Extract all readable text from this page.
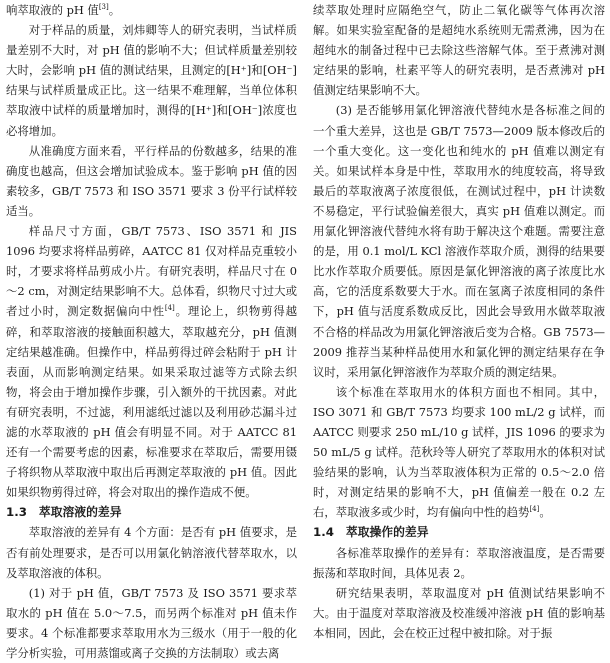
响萃取液的 pH 值[3]。

对于样品的质量，刘炜卿等人的研究表明，当试样质量差别不大时，对 pH 值的影响不大；但试样质量差别较大时，会影响 pH 值的测试结果，且测定的[H⁺]和[OH⁻]结果与试样质量成正比。这一结果不难理解，当单位体积萃取液中试样的质量增加时，测得的[H⁺]和[OH⁻]浓度也必将增加。

从准确度方面来看，平行样品的份数越多，结果的准确度也越高，但这会增加试验成本。鉴于影响 pH 值的因素较多，GB/T 7573 和 ISO 3571 要求 3 份平行试样较适当。

样品尺寸方面，GB/T 7573、ISO 3571 和 JIS 1096 均要求将样品剪碎，AATCC 81 仅对样品克重较小时，才要求将样品剪成小片。有研究表明，样品尺寸在 0～2 cm，对测定结果影响不大。总体看，织物尺寸过大或者过小时，测定数据偏向中性[4]。理论上，织物剪得越碎，和萃取溶液的接触面积越大，萃取越充分，pH 值测定结果越准确。但操作中，样品剪得过碎会粘附于 pH 计表面，从而影响测定结果。如果采取过滤等方式除去织物，将会由于增加操作步骤，引入额外的干扰因素。对此有研究表明，不过滤，利用滤纸过滤以及利用砂芯漏斗过滤的水萃取液的 pH 值会有明显不同。对于 AATCC 81 还有一个需要考虑的因素，标准要求在萃取后，需要用镊子将织物从萃取液中取出后再测定萃取液的 pH 值。因此如果织物剪得过碎，将会对取出的操作造成不便。

1.3 萃取溶液的差异

萃取溶液的差异有 4 个方面：是否有 pH 值要求，是否有前处理要求，是否可以用氯化钠溶液代替萃取水，以及萃取溶液的体积。

(1) 对于 pH 值，GB/T 7573 及 ISO 3571 要求萃取水的 pH 值在 5.0～7.5，而另两个标准对 pH 值未作要求。4 个标准都要求萃取用水为三级水（用于一般的化学分析实验，可用蒸馏或离子交换的方法制取）或去离

续萃取处理时应隔绝空气，防止二氧化碳等气体再次溶解。如果实验室配备的是超纯水系统则无需煮沸，因为在超纯水的制备过程中已去除这些溶解气体。至于煮沸对测定结果的影响，杜素平等人的研究表明，是否煮沸对 pH 值测定结果影响不大。

(3) 是否能够用氯化钾溶液代替纯水是各标准之间的一个重大差异，这也是 GB/T 7573—2009 版本修改后的一个重大变化。这一变化也和纯水的 pH 值难以测定有关。如果试样本身是中性，萃取用水的纯度较高，将导致最后的萃取液离子浓度很低，在测试过程中，pH 计读数不易稳定，平行试验偏差很大，真实 pH 值难以测定。而用氯化钾溶液代替纯水将有助于解决这个难题。需要注意的是，用 0.1 mol/L KCl 溶液作萃取介质，测得的结果要比水作萃取介质要低。原因是氯化钾溶液的离子浓度比水高，它的活度系数要大于水。而在氢离子浓度相同的条件下，pH 值与活度系数成反比，因此会导致用水做萃取液不合格的样品改为用氯化钾溶液后变为合格。GB 7573—2009 推荐当某种样品使用水和氯化钾的测定结果存在争议时，采用氯化钾溶液作为萃取介质的测定结果。

该个标准在萃取用水的体积方面也不相同。其中，ISO 3071 和 GB/T 7573 均要求 100 mL/2 g 试样，而 AATCC 则要求 250 mL/10 g 试样，JIS 1096 的要求为 50 mL/5 g 试样。范秋玲等人研究了萃取用水的体积对试验结果的影响，认为当萃取液体积为正常的 0.5～2.0 倍时，对测定结果的影响不大，pH 值偏差一般在 0.2 左右，萃取液多或少时，均有偏向中性的趋势[4]。

1.4 萃取操作的差异

各标准萃取操作的差异有：萃取溶液温度，是否需要振荡和萃取时间，具体见表 2。

研究结果表明，萃取温度对 pH 值测试结果影响不大。由于温度对萃取溶液及校准缓冲溶液 pH 值的影响基本相同，因此，会在校正过程中被扣除。对于振
